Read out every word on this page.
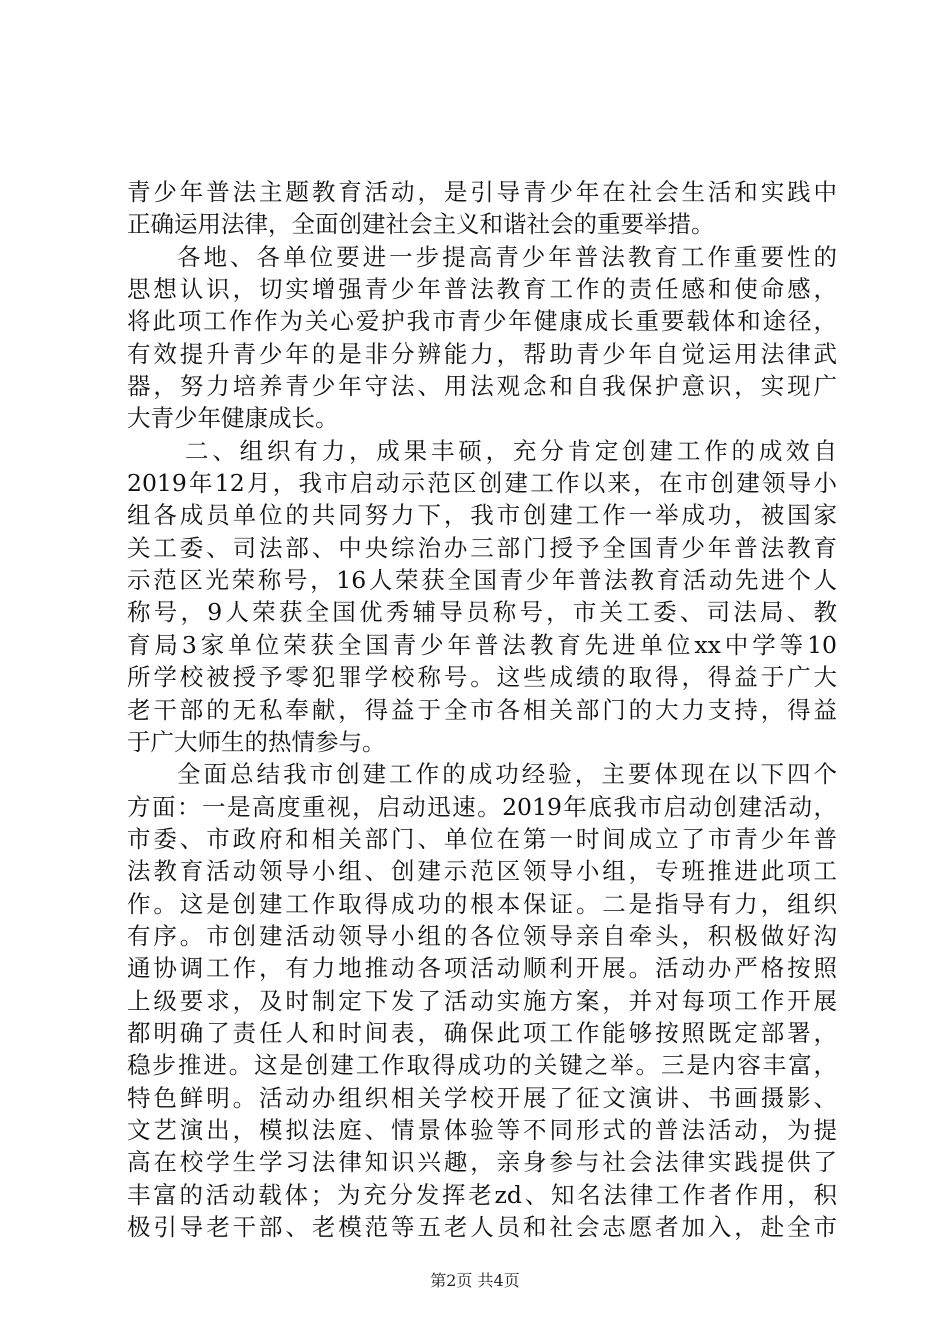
青少年普法主题教育活动，是引导青少年在社会生活和实践中
正确运用法律，全面创建社会主义和谐社会的重要举措。
各地、各单位要进一步提高青少年普法教育工作重要性的
思想认识，切实增强青少年普法教育工作的责任感和使命感，
将此项工作作为关心爱护我市青少年健康成长重要载体和途径，
有效提升青少年的是非分辨能力，帮助青少年自觉运用法律武
器，努力培养青少年守法、用法观念和自我保护意识，实现广
大青少年健康成长。
二、组织有力，成果丰硕，充分肯定创建工作的成效自
2019年12月，我市启动示范区创建工作以来，在市创建领导小
组各成员单位的共同努力下，我市创建工作一举成功，被国家
关工委、司法部、中央综治办三部门授予全国青少年普法教育
示范区光荣称号，16人荣获全国青少年普法教育活动先进个人
称号，9人荣获全国优秀辅导员称号，市关工委、司法局、教
育局3家单位荣获全国青少年普法教育先进单位xx中学等10
所学校被授予零犯罪学校称号。这些成绩的取得，得益于广大
老干部的无私奉献，得益于全市各相关部门的大力支持，得益
于广大师生的热情参与。
全面总结我市创建工作的成功经验，主要体现在以下四个
方面：一是高度重视，启动迅速。2019年底我市启动创建活动，
市委、市政府和相关部门、单位在第一时间成立了市青少年普
法教育活动领导小组、创建示范区领导小组，专班推进此项工
作。这是创建工作取得成功的根本保证。二是指导有力，组织
有序。市创建活动领导小组的各位领导亲自牵头，积极做好沟
通协调工作，有力地推动各项活动顺利开展。活动办严格按照
上级要求，及时制定下发了活动实施方案，并对每项工作开展
都明确了责任人和时间表，确保此项工作能够按照既定部署，
稳步推进。这是创建工作取得成功的关键之举。三是内容丰富，
特色鲜明。活动办组织相关学校开展了征文演讲、书画摄影、
文艺演出，模拟法庭、情景体验等不同形式的普法活动，为提
高在校学生学习法律知识兴趣，亲身参与社会法律实践提供了
丰富的活动载体；为充分发挥老zd、知名法律工作者作用，积
极引导老干部、老模范等五老人员和社会志愿者加入，赴全市
第2页 共4页
